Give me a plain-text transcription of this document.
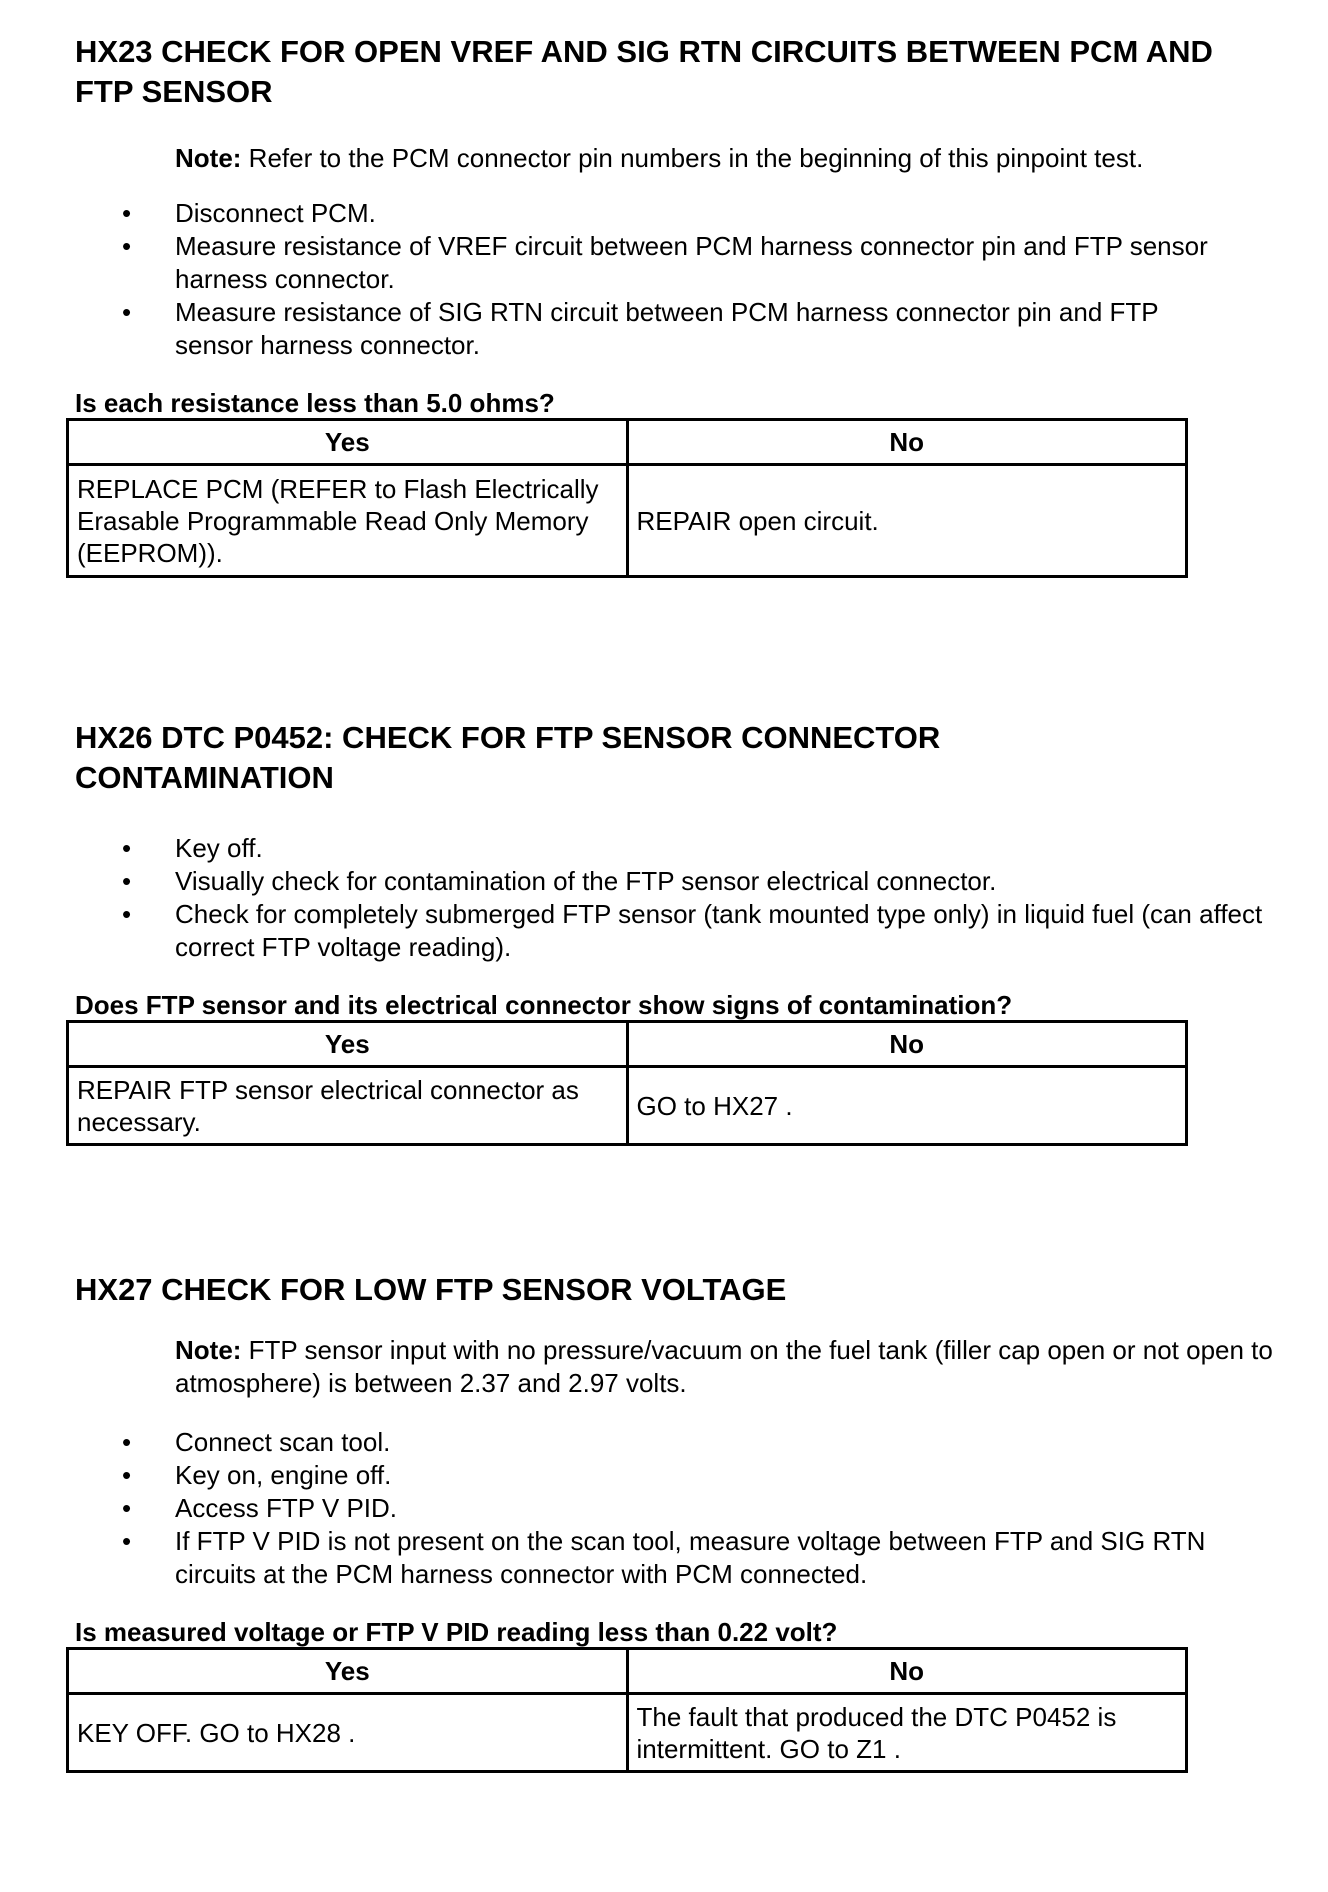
HX23 CHECK FOR OPEN VREF AND SIG RTN CIRCUITS BETWEEN PCM AND FTP SENSOR
Note: Refer to the PCM connector pin numbers in the beginning of this pinpoint test.
• Disconnect PCM.
• Measure resistance of VREF circuit between PCM harness connector pin and FTP sensor harness connector.
• Measure resistance of SIG RTN circuit between PCM harness connector pin and FTP sensor harness connector.
Is each resistance less than 5.0 ohms?
Yes	No
REPLACE PCM (REFER to Flash Electrically Erasable Programmable Read Only Memory (EEPROM)).	REPAIR open circuit.
HX26 DTC P0452: CHECK FOR FTP SENSOR CONNECTOR CONTAMINATION
• Key off.
• Visually check for contamination of the FTP sensor electrical connector.
• Check for completely submerged FTP sensor (tank mounted type only) in liquid fuel (can affect correct FTP voltage reading).
Does FTP sensor and its electrical connector show signs of contamination?
Yes	No
REPAIR FTP sensor electrical connector as necessary.	GO to HX27 .
HX27 CHECK FOR LOW FTP SENSOR VOLTAGE
Note: FTP sensor input with no pressure/vacuum on the fuel tank (filler cap open or not open to atmosphere) is between 2.37 and 2.97 volts.
• Connect scan tool.
• Key on, engine off.
• Access FTP V PID.
• If FTP V PID is not present on the scan tool, measure voltage between FTP and SIG RTN circuits at the PCM harness connector with PCM connected.
Is measured voltage or FTP V PID reading less than 0.22 volt?
Yes	No
KEY OFF. GO to HX28 .	The fault that produced the DTC P0452 is intermittent. GO to Z1 .
